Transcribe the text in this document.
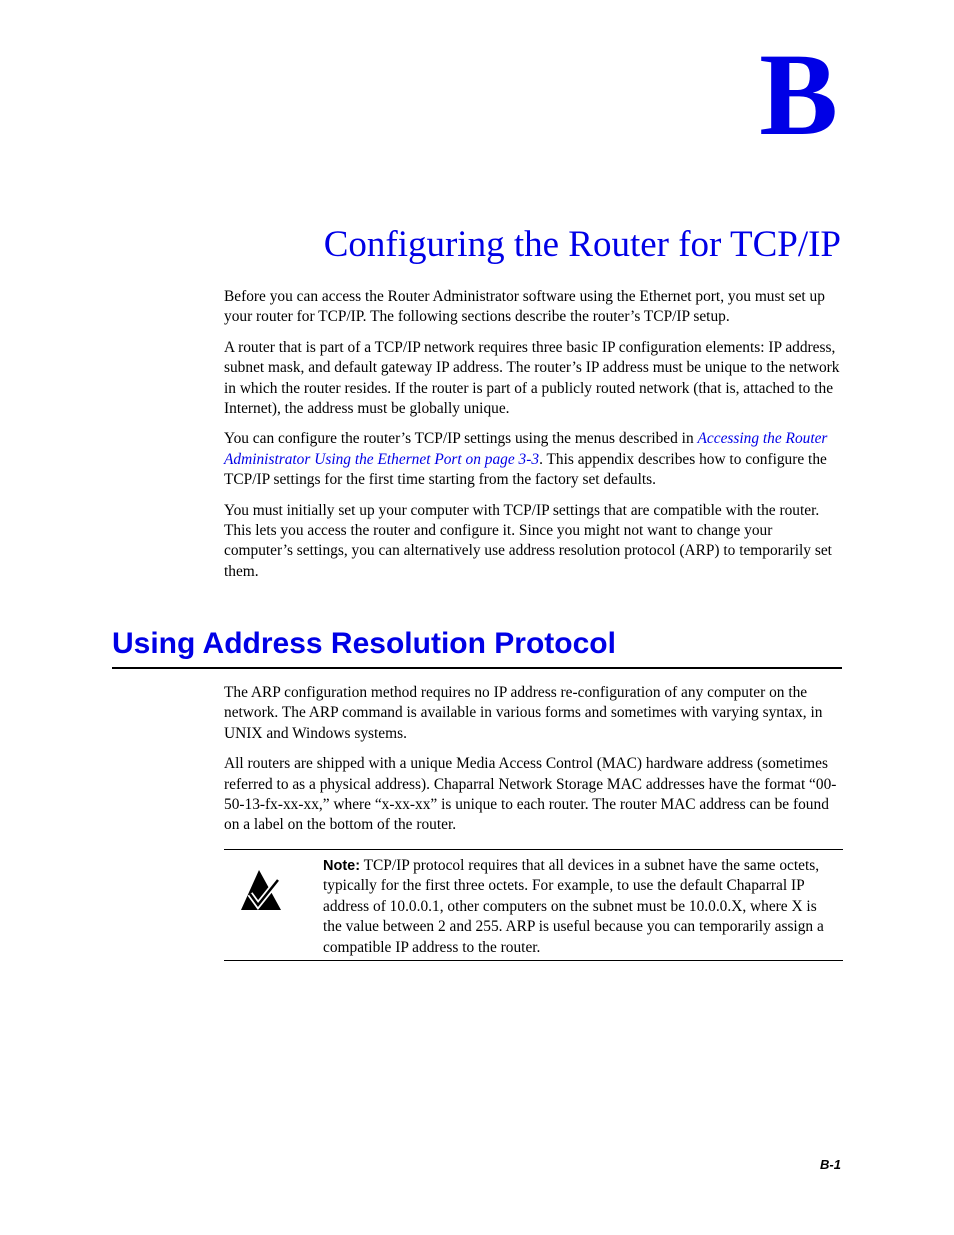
B
Configuring the Router for TCP/IP

Before you can access the Router Administrator software using the Ethernet port, you must set up your router for TCP/IP. The following sections describe the router’s TCP/IP setup.

A router that is part of a TCP/IP network requires three basic IP configuration elements: IP address, subnet mask, and default gateway IP address. The router’s IP address must be unique to the network in which the router resides. If the router is part of a publicly routed network (that is, attached to the Internet), the address must be globally unique.

You can configure the router’s TCP/IP settings using the menus described in Accessing the Router Administrator Using the Ethernet Port on page 3-3. This appendix describes how to configure the TCP/IP settings for the first time starting from the factory set defaults.

You must initially set up your computer with TCP/IP settings that are compatible with the router. This lets you access the router and configure it. Since you might not want to change your computer’s settings, you can alternatively use address resolution protocol (ARP) to temporarily set them.

Using Address Resolution Protocol

The ARP configuration method requires no IP address re-configuration of any computer on the network. The ARP command is available in various forms and sometimes with varying syntax, in UNIX and Windows systems.

All routers are shipped with a unique Media Access Control (MAC) hardware address (sometimes referred to as a physical address). Chaparral Network Storage MAC addresses have the format “00-50-13-fx-xx-xx,” where “x-xx-xx” is unique to each router. The router MAC address can be found on a label on the bottom of the router.

Note: TCP/IP protocol requires that all devices in a subnet have the same octets, typically for the first three octets. For example, to use the default Chaparral IP address of 10.0.0.1, other computers on the subnet must be 10.0.0.X, where X is the value between 2 and 255. ARP is useful because you can temporarily assign a compatible IP address to the router.
B-1
